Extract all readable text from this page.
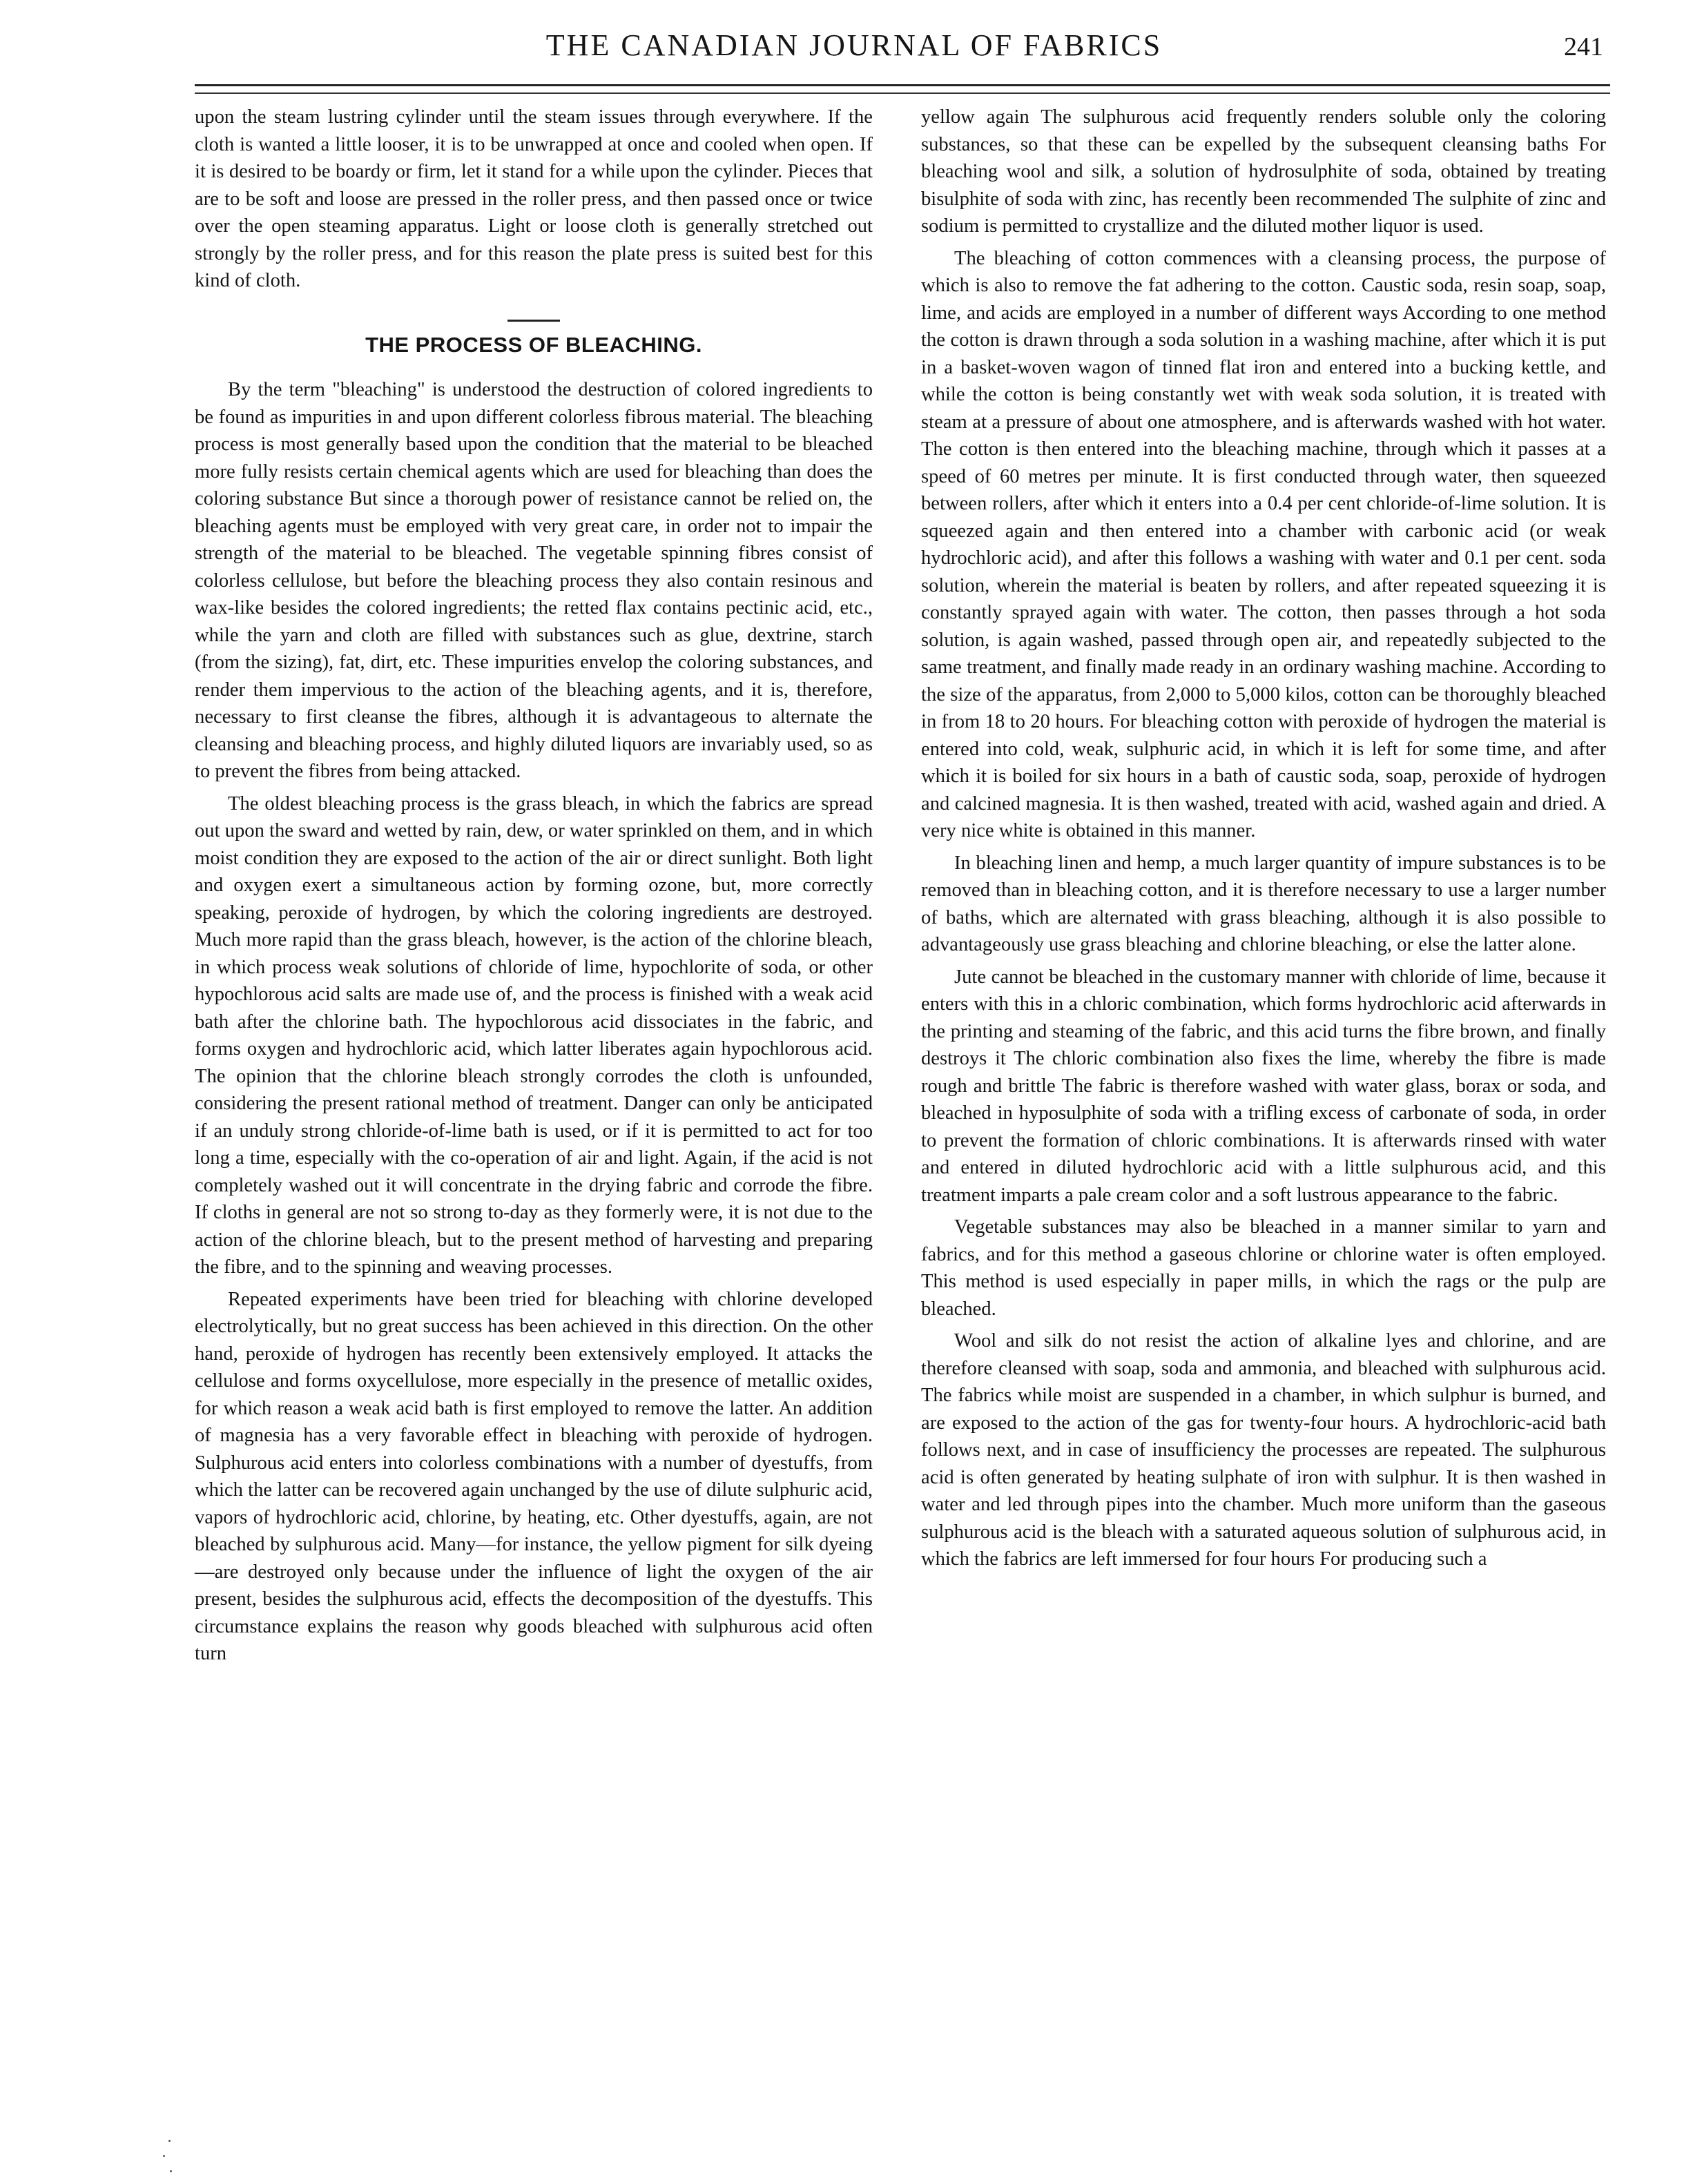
THE CANADIAN JOURNAL OF FABRICS	241

upon the steam lustring cylinder until the steam issues through everywhere. If the cloth is wanted a little looser, it is to be unwrapped at once and cooled when open. If it is desired to be boardy or firm, let it stand for a while upon the cylinder. Pieces that are to be soft and loose are pressed in the roller press, and then passed once or twice over the open steaming apparatus. Light or loose cloth is generally stretched out strongly by the roller press, and for this reason the plate press is suited best for this kind of cloth.

THE PROCESS OF BLEACHING.

By the term "bleaching" is understood the destruction of colored ingredients to be found as impurities in and upon different colorless fibrous material. The bleaching process is most generally based upon the condition that the material to be bleached more fully resists certain chemical agents which are used for bleaching than does the coloring substance But since a thorough power of resistance cannot be relied on, the bleaching agents must be employed with very great care, in order not to impair the strength of the material to be bleached. The vegetable spinning fibres consist of colorless cellulose, but before the bleaching process they also contain resinous and wax-like besides the colored ingredients; the retted flax contains pectinic acid, etc., while the yarn and cloth are filled with substances such as glue, dextrine, starch (from the sizing), fat, dirt, etc. These impurities envelop the coloring substances, and render them impervious to the action of the bleaching agents, and it is, therefore, necessary to first cleanse the fibres, although it is advantageous to alternate the cleansing and bleaching process, and highly diluted liquors are invariably used, so as to prevent the fibres from being attacked.

The oldest bleaching process is the grass bleach, in which the fabrics are spread out upon the sward and wetted by rain, dew, or water sprinkled on them, and in which moist condition they are exposed to the action of the air or direct sunlight. Both light and oxygen exert a simultaneous action by forming ozone, but, more correctly speaking, peroxide of hydrogen, by which the coloring ingredients are destroyed. Much more rapid than the grass bleach, however, is the action of the chlorine bleach, in which process weak solutions of chloride of lime, hypochlorite of soda, or other hypochlorous acid salts are made use of, and the process is finished with a weak acid bath after the chlorine bath. The hypochlorous acid dissociates in the fabric, and forms oxygen and hydrochloric acid, which latter liberates again hypochlorous acid. The opinion that the chlorine bleach strongly corrodes the cloth is unfounded, considering the present rational method of treatment. Danger can only be anticipated if an unduly strong chloride-of-lime bath is used, or if it is permitted to act for too long a time, especially with the co-operation of air and light. Again, if the acid is not completely washed out it will concentrate in the drying fabric and corrode the fibre. If cloths in general are not so strong to-day as they formerly were, it is not due to the action of the chlorine bleach, but to the present method of harvesting and preparing the fibre, and to the spinning and weaving processes.

Repeated experiments have been tried for bleaching with chlorine developed electrolytically, but no great success has been achieved in this direction. On the other hand, peroxide of hydrogen has recently been extensively employed. It attacks the cellulose and forms oxycellulose, more especially in the presence of metallic oxides, for which reason a weak acid bath is first employed to remove the latter. An addition of magnesia has a very favorable effect in bleaching with peroxide of hydrogen. Sulphurous acid enters into colorless combinations with a number of dyestuffs, from which the latter can be recovered again unchanged by the use of dilute sulphuric acid, vapors of hydrochloric acid, chlorine, by heating, etc. Other dyestuffs, again, are not bleached by sulphurous acid. Many—for instance, the yellow pigment for silk dyeing—are destroyed only because under the influence of light the oxygen of the air present, besides the sulphurous acid, effects the decomposition of the dyestuffs. This circumstance explains the reason why goods bleached with sulphurous acid often turn

yellow again The sulphurous acid frequently renders soluble only the coloring substances, so that these can be expelled by the subsequent cleansing baths For bleaching wool and silk, a solution of hydrosulphite of soda, obtained by treating bisulphite of soda with zinc, has recently been recommended The sulphite of zinc and sodium is permitted to crystallize and the diluted mother liquor is used.

The bleaching of cotton commences with a cleansing process, the purpose of which is also to remove the fat adhering to the cotton. Caustic soda, resin soap, soap, lime, and acids are employed in a number of different ways According to one method the cotton is drawn through a soda solution in a washing machine, after which it is put in a basket-woven wagon of tinned flat iron and entered into a bucking kettle, and while the cotton is being constantly wet with weak soda solution, it is treated with steam at a pressure of about one atmosphere, and is afterwards washed with hot water. The cotton is then entered into the bleaching machine, through which it passes at a speed of 60 metres per minute. It is first conducted through water, then squeezed between rollers, after which it enters into a 0.4 per cent chloride-of-lime solution. It is squeezed again and then entered into a chamber with carbonic acid (or weak hydrochloric acid), and after this follows a washing with water and 0.1 per cent. soda solution, wherein the material is beaten by rollers, and after repeated squeezing it is constantly sprayed again with water. The cotton, then passes through a hot soda solution, is again washed, passed through open air, and repeatedly subjected to the same treatment, and finally made ready in an ordinary washing machine. According to the size of the apparatus, from 2,000 to 5,000 kilos, cotton can be thoroughly bleached in from 18 to 20 hours. For bleaching cotton with peroxide of hydrogen the material is entered into cold, weak, sulphuric acid, in which it is left for some time, and after which it is boiled for six hours in a bath of caustic soda, soap, peroxide of hydrogen and calcined magnesia. It is then washed, treated with acid, washed again and dried. A very nice white is obtained in this manner.

In bleaching linen and hemp, a much larger quantity of impure substances is to be removed than in bleaching cotton, and it is therefore necessary to use a larger number of baths, which are alternated with grass bleaching, although it is also possible to advantageously use grass bleaching and chlorine bleaching, or else the latter alone.

Jute cannot be bleached in the customary manner with chloride of lime, because it enters with this in a chloric combination, which forms hydrochloric acid afterwards in the printing and steaming of the fabric, and this acid turns the fibre brown, and finally destroys it The chloric combination also fixes the lime, whereby the fibre is made rough and brittle The fabric is therefore washed with water glass, borax or soda, and bleached in hyposulphite of soda with a trifling excess of carbonate of soda, in order to prevent the formation of chloric combinations. It is afterwards rinsed with water and entered in diluted hydrochloric acid with a little sulphurous acid, and this treatment imparts a pale cream color and a soft lustrous appearance to the fabric.

Vegetable substances may also be bleached in a manner similar to yarn and fabrics, and for this method a gaseous chlorine or chlorine water is often employed. This method is used especially in paper mills, in which the rags or the pulp are bleached.

Wool and silk do not resist the action of alkaline lyes and chlorine, and are therefore cleansed with soap, soda and ammonia, and bleached with sulphurous acid. The fabrics while moist are suspended in a chamber, in which sulphur is burned, and are exposed to the action of the gas for twenty-four hours. A hydrochloric-acid bath follows next, and in case of insufficiency the processes are repeated. The sulphurous acid is often generated by heating sulphate of iron with sulphur. It is then washed in water and led through pipes into the chamber. Much more uniform than the gaseous sulphurous acid is the bleach with a saturated aqueous solution of sulphurous acid, in which the fabrics are left immersed for four hours For producing such a
